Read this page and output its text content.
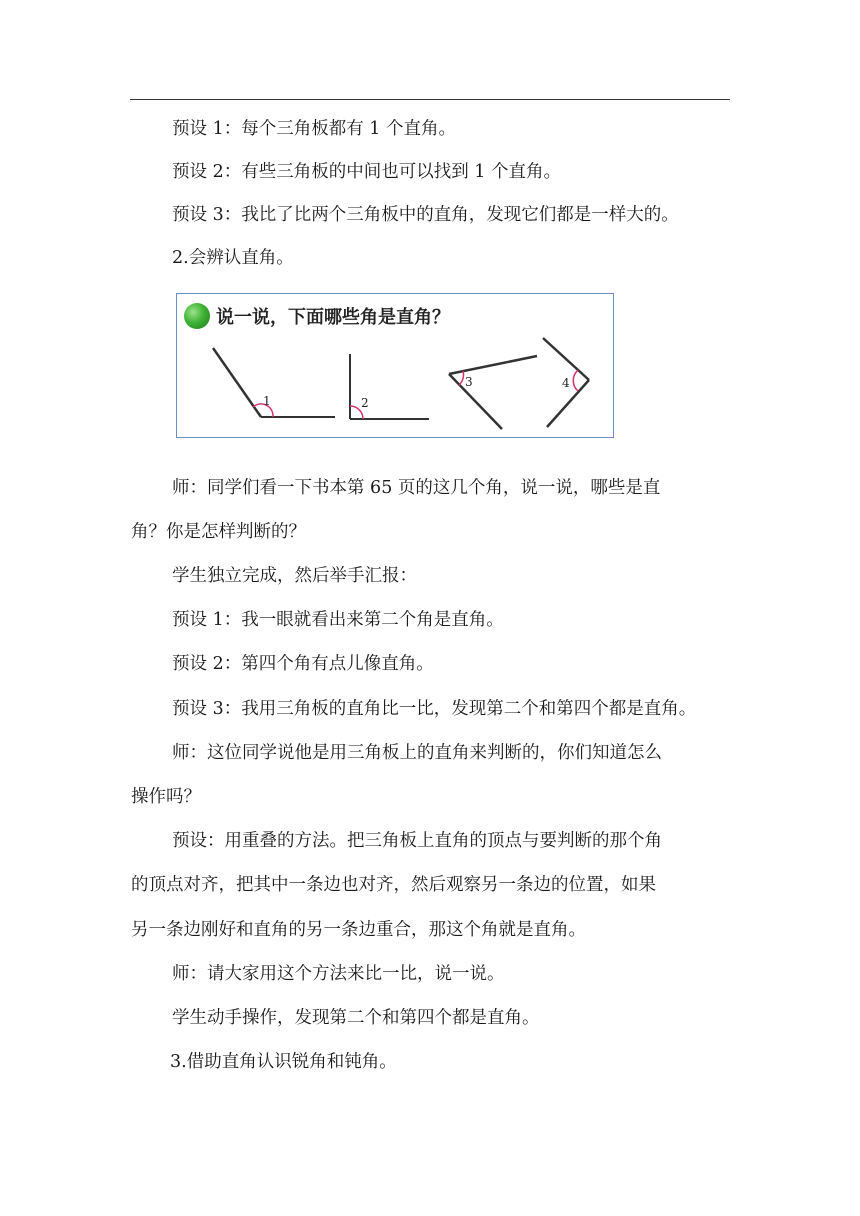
预设 1：每个三角板都有 1 个直角。
预设 2：有些三角板的中间也可以找到 1 个直角。
预设 3：我比了比两个三角板中的直角，发现它们都是一样大的。
2.会辨认直角。
说一说，下面哪些角是直角？
1	2
3	4
师：同学们看一下书本第 65 页的这几个角，说一说，哪些是直
角？你是怎样判断的？
学生独立完成，然后举手汇报：
预设 1：我一眼就看出来第二个角是直角。
预设 2：第四个角有点儿像直角。
预设 3：我用三角板的直角比一比，发现第二个和第四个都是直角。
师：这位同学说他是用三角板上的直角来判断的，你们知道怎么
操作吗？
预设：用重叠的方法。把三角板上直角的顶点与要判断的那个角
的顶点对齐，把其中一条边也对齐，然后观察另一条边的位置，如果
另一条边刚好和直角的另一条边重合，那这个角就是直角。
师：请大家用这个方法来比一比，说一说。
学生动手操作，发现第二个和第四个都是直角。
3.借助直角认识锐角和钝角。
